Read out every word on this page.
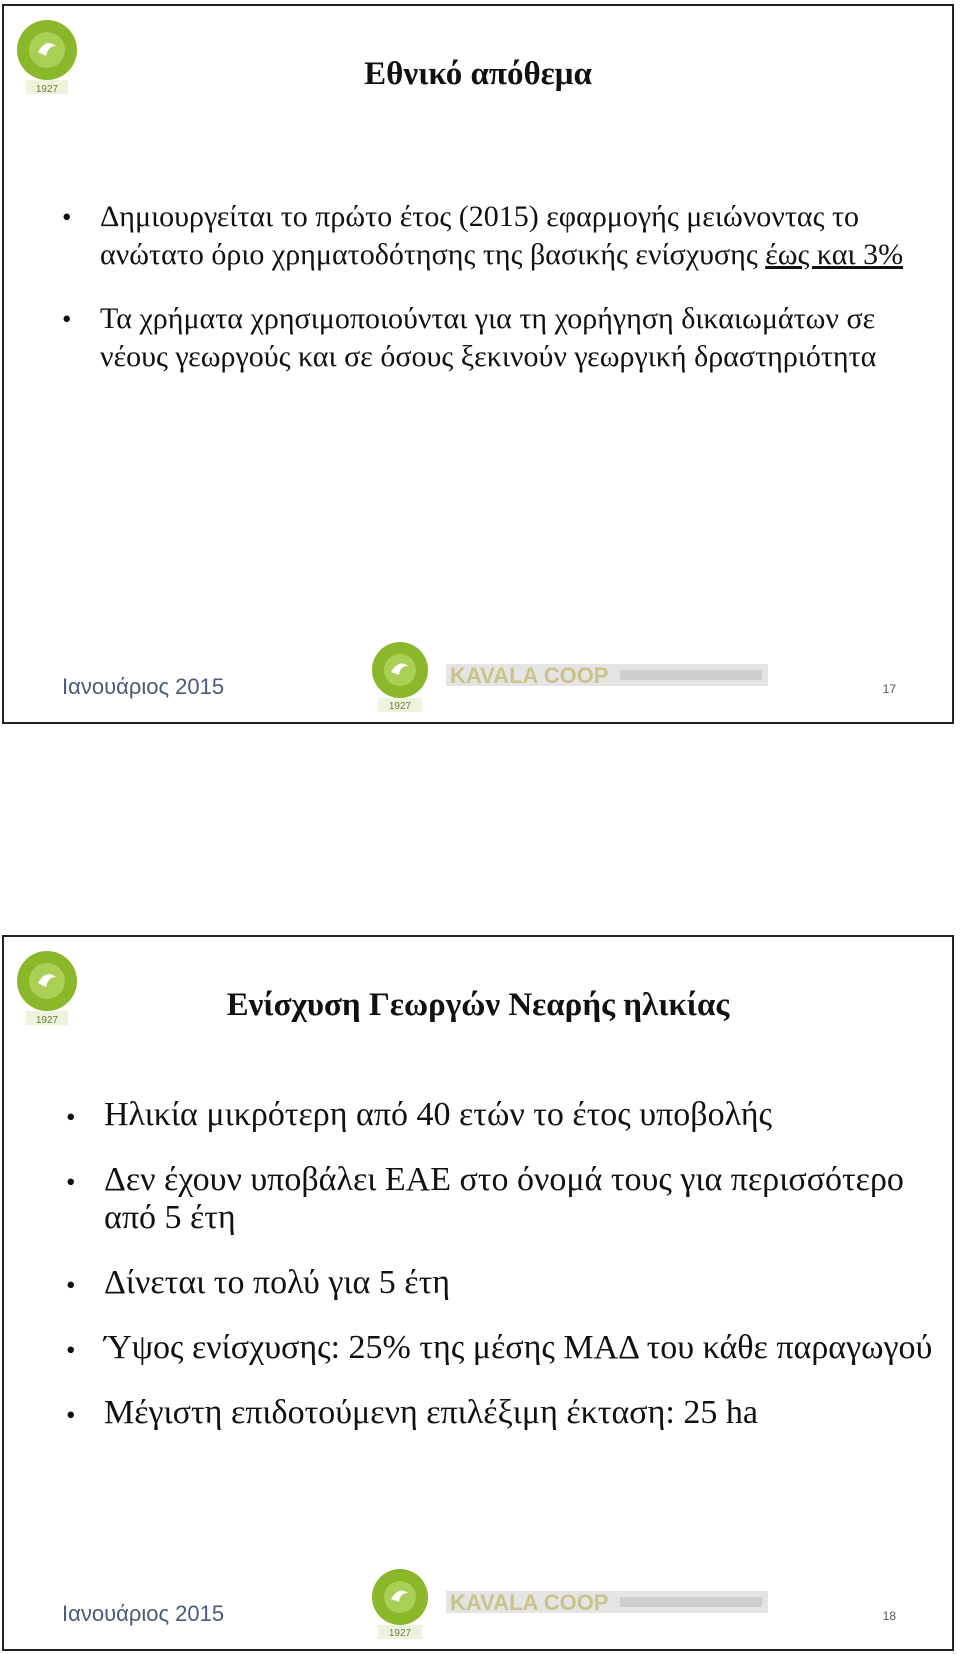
1927	Εθνικό απόθεμα
• Δημιουργείται το πρώτο έτος (2015) εφαρμογής μειώνοντας το ανώτατο όριο χρηματοδότησης της βασικής ενίσχυσης έως και 3%
• Τα χρήματα χρησιμοποιούνται για τη χορήγηση δικαιωμάτων σε νέους γεωργούς και σε όσους ξεκινούν γεωργική δραστηριότητα
Ιανουάριος 2015
1927
KAVALA COOP
17
1927	Ενίσχυση Γεωργών Νεαρής ηλικίας
• Ηλικία μικρότερη από 40 ετών το έτος υποβολής
• Δεν έχουν υποβάλει ΕΑΕ στο όνομά τους για περισσότερο από 5 έτη
• Δίνεται το πολύ για 5 έτη
• Ύψος ενίσχυσης: 25% της μέσης ΜΑΔ του κάθε παραγωγού
• Μέγιστη επιδοτούμενη επιλέξιμη έκταση: 25 ha
Ιανουάριος 2015
1927
KAVALA COOP
18
